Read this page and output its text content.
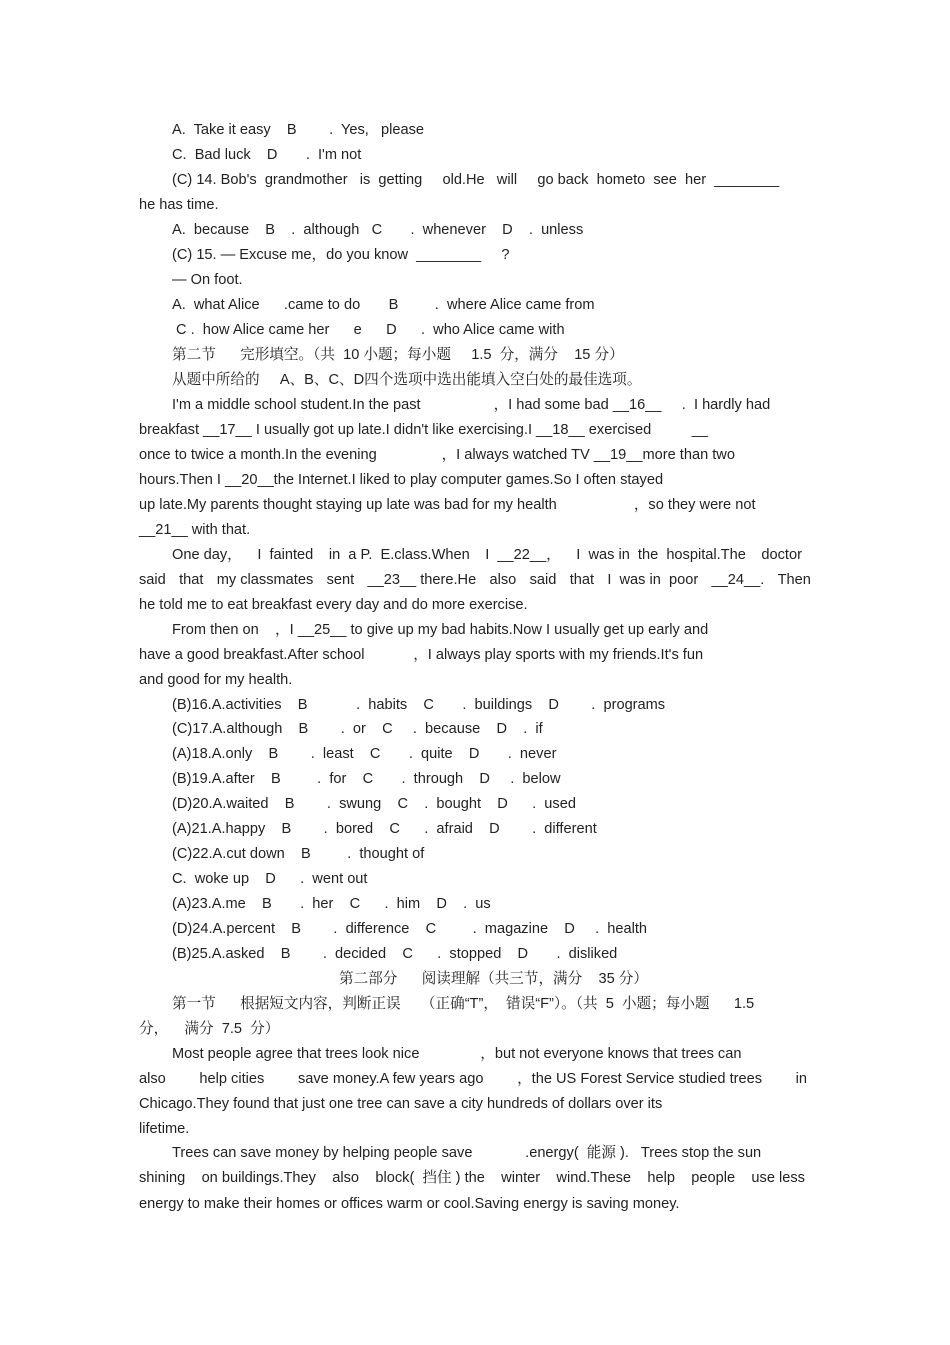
A.  Take it easy    B        .  Yes,   please
C.  Bad luck    D       .  I'm not
(C) 14. Bob's  grandmother   is  getting     old.He   will     go back  hometo  see  her  ________
he has time.
A.  because    B    .  although   C       .  whenever    D    .  unless
(C) 15. — Excuse me，do you know  ________     ?
— On foot.
A.  what Alice      .came to do       B         .  where Alice came from
C .  how Alice came her      e      D      .  who Alice came with
第二节      完形填空。（共  10 小题；每小题     1.5  分，满分    15 分）
从题中所给的     A、B、C、D四个选项中选出能填入空白处的最佳选项。
I'm a middle school student.In the past                  ，I had some bad __16__     .  I hardly had
breakfast __17__ I usually got up late.I didn't like exercising.I __18__ exercised          __
once to twice a month.In the evening                ，I always watched TV __19__more than two
hours.Then I __20__the Internet.I liked to play computer games.So I often stayed
up late.My parents thought staying up late was bad for my health                   ，so they were not
__21__ with that.
One day， I  fainted in  a P.  E.class.When I  __22__， I  was in  the  hospital.The doctor
said that my classmates sent __23__ there.He also said that I  was in  poor __24__. Then
he told me to eat breakfast every day and do more exercise.
From then on    ，I __25__ to give up my bad habits.Now I usually get up early and
have a good breakfast.After school            ，I always play sports with my friends.It's fun
and good for my health.
(B)16.A.activities    B            .  habits    C       .  buildings    D        .  programs
(C)17.A.although    B        .  or    C     .  because    D    .  if
(A)18.A.only    B        .  least    C       .  quite    D       .  never
(B)19.A.after    B         .  for    C       .  through    D     .  below
(D)20.A.waited    B        .  swung    C    .  bought    D      .  used
(A)21.A.happy    B        .  bored    C      .  afraid    D        .  different
(C)22.A.cut down    B         .  thought of
C.  woke up    D      .  went out
(A)23.A.me    B       .  her    C      .  him    D    .  us
(D)24.A.percent    B        .  difference    C         .  magazine    D     .  health
(B)25.A.asked    B        .  decided    C      .  stopped    D       .  disliked
第二部分      阅读理解（共三节，满分    35 分）
第一节      根据短文内容，判断正误     （正确“T”，  错误“F”）。（共  5  小题；每小题      1.5
分，    满分  7.5  分）
Most people agree that trees look nice               ，but not everyone knows that trees can
also help cities save money.A few years ago ，the US Forest Service studied trees in
Chicago.They found that just one tree can save a city hundreds of dollars over its
lifetime.
Trees can save money by helping people save             .energy(  能源 ).   Trees stop the sun
shining on buildings.They also block(  挡住 ) the winter wind.These help people use less
energy to make their homes or offices warm or cool.Saving energy is saving money.
